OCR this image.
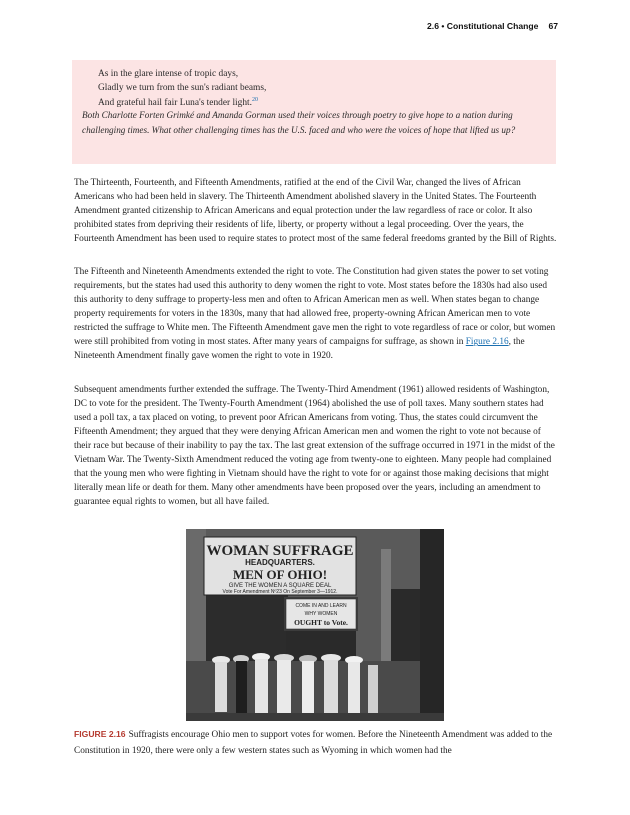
2.6 • Constitutional Change 67
As in the glare intense of tropic days,
Gladly we turn from the sun's radiant beams,
And grateful hail fair Luna's tender light.$^{20}$
Both Charlotte Forten Grimké and Amanda Gorman used their voices through poetry to give hope to a nation during challenging times. What other challenging times has the U.S. faced and who were the voices of hope that lifted us up?

The Thirteenth, Fourteenth, and Fifteenth Amendments, ratified at the end of the Civil War, changed the lives of African Americans who had been held in slavery. The Thirteenth Amendment abolished slavery in the United States. The Fourteenth Amendment granted citizenship to African Americans and equal protection under the law regardless of race or color. It also prohibited states from depriving their residents of life, liberty, or property without a legal proceeding. Over the years, the Fourteenth Amendment has been used to require states to protect most of the same federal freedoms granted by the Bill of Rights.

The Fifteenth and Nineteenth Amendments extended the right to vote. The Constitution had given states the power to set voting requirements, but the states had used this authority to deny women the right to vote. Most states before the 1830s had also used this authority to deny suffrage to property-less men and often to African American men as well. When states began to change property requirements for voters in the 1830s, many that had allowed free, property-owning African American men to vote restricted the suffrage to White men. The Fifteenth Amendment gave men the right to vote regardless of race or color, but women were still prohibited from voting in most states. After many years of campaigns for suffrage, as shown in Figure 2.16, the Nineteenth Amendment finally gave women the right to vote in 1920.

Subsequent amendments further extended the suffrage. The Twenty-Third Amendment (1961) allowed residents of Washington, DC to vote for the president. The Twenty-Fourth Amendment (1964) abolished the use of poll taxes. Many southern states had used a poll tax, a tax placed on voting, to prevent poor African Americans from voting. Thus, the states could circumvent the Fifteenth Amendment; they argued that they were denying African American men and women the right to vote not because of their race but because of their inability to pay the tax. The last great extension of the suffrage occurred in 1971 in the midst of the Vietnam War. The Twenty-Sixth Amendment reduced the voting age from twenty-one to eighteen. Many people had complained that the young men who were fighting in Vietnam should have the right to vote for or against those making decisions that might literally mean life or death for them. Many other amendments have been proposed over the years, including an amendment to guarantee equal rights to women, but all have failed.

WOMAN SUFFRAGE
HEADQUARTERS.
MEN OF OHIO!
GIVE THE WOMEN A SQUARE DEAL
Vote For Amendment Nº23 On September 3—1912.
COME IN AND LEARN
WHY WOMEN
OUGHT to Vote.

FIGURE 2.16 Suffragists encourage Ohio men to support votes for women. Before the Nineteenth Amendment was added to the Constitution in 1920, there were only a few western states such as Wyoming in which women had the
